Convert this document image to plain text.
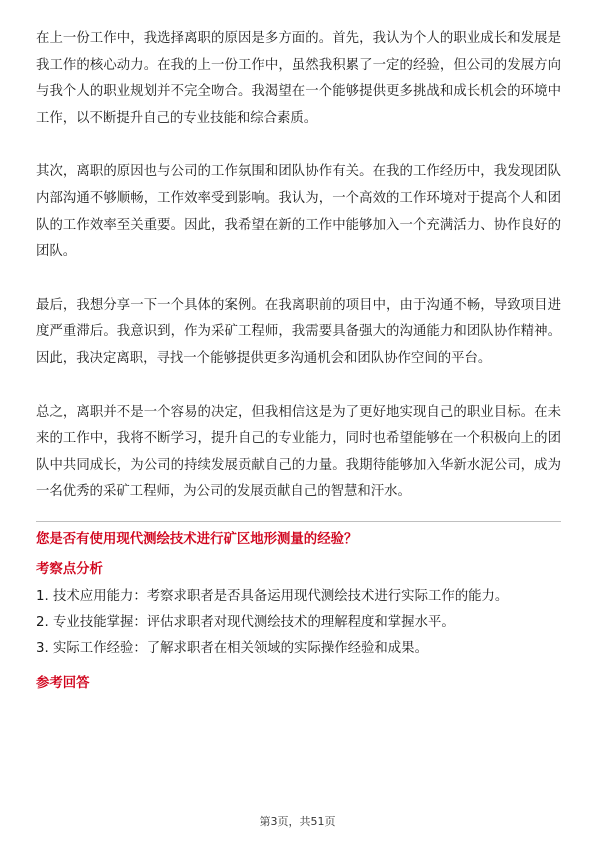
在上一份工作中，我选择离职的原因是多方面的。首先，我认为个人的职业成长和发展是我工作的核心动力。在我的上一份工作中，虽然我积累了一定的经验，但公司的发展方向与我个人的职业规划并不完全吻合。我渴望在一个能够提供更多挑战和成长机会的环境中工作，以不断提升自己的专业技能和综合素质。

其次，离职的原因也与公司的工作氛围和团队协作有关。在我的工作经历中，我发现团队内部沟通不够顺畅，工作效率受到影响。我认为，一个高效的工作环境对于提高个人和团队的工作效率至关重要。因此，我希望在新的工作中能够加入一个充满活力、协作良好的团队。

最后，我想分享一下一个具体的案例。在我离职前的项目中，由于沟通不畅，导致项目进度严重滞后。我意识到，作为采矿工程师，我需要具备强大的沟通能力和团队协作精神。因此，我决定离职，寻找一个能够提供更多沟通机会和团队协作空间的平台。

总之，离职并不是一个容易的决定，但我相信这是为了更好地实现自己的职业目标。在未来的工作中，我将不断学习，提升自己的专业能力，同时也希望能够在一个积极向上的团队中共同成长，为公司的持续发展贡献自己的力量。我期待能够加入华新水泥公司，成为一名优秀的采矿工程师，为公司的发展贡献自己的智慧和汗水。

您是否有使用现代测绘技术进行矿区地形测量的经验？
考察点分析
1. 技术应用能力：考察求职者是否具备运用现代测绘技术进行实际工作的能力。
2. 专业技能掌握：评估求职者对现代测绘技术的理解程度和掌握水平。
3. 实际工作经验：了解求职者在相关领域的实际操作经验和成果。
参考回答
第3页，共51页
